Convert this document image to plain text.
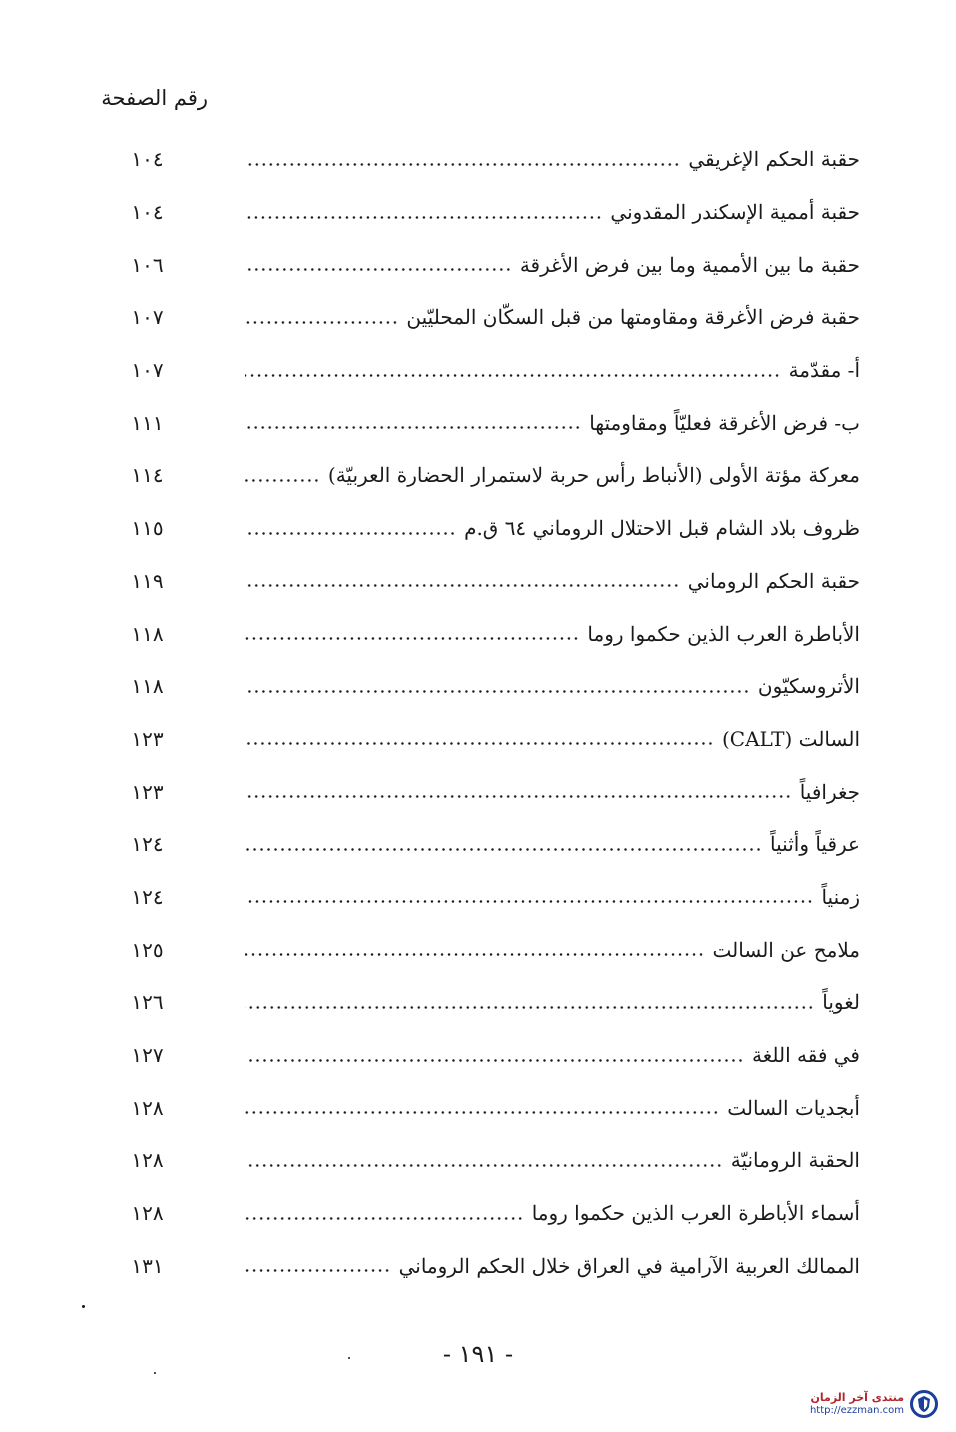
رقم الصفحة
١٠٤	حقبة الحكم الإغريقي
١٠٤	حقبة أممية الإسكندر المقدوني
١٠٦	حقبة ما بين الأممية وما بين فرض الأغرقة
١٠٧	حقبة فرض الأغرقة ومقاومتها من قبل السكّان المحليّين
١٠٧	أ- مقدّمة
١١١	ب- فرض الأغرقة فعليّاً ومقاومتها
١١٤	معركة مؤتة الأولى (الأنباط رأس حربة لاستمرار الحضارة العربيّة)
١١٥	ظروف بلاد الشام قبل الاحتلال الروماني ٦٤ ق.م
١١٩	حقبة الحكم الروماني
١١٨	الأباطرة العرب الذين حكموا روما
١١٨	الأتروسكيّون
١٢٣	السالت (CALT)
١٢٣	جغرافياً
١٢٤	عرقياً وأثنياً
١٢٤	زمنياً
١٢٥	ملامح عن السالت
١٢٦	لغوياً
١٢٧	في فقه اللغة
١٢٨	أبجديات السالت
١٢٨	الحقبة الرومانيّة
١٢٨	أسماء الأباطرة العرب الذين حكموا روما
١٣١	الممالك العربية الآرامية في العراق خلال الحكم الروماني
- ١٩١ -
منتدى آخر الزمان
http://ezzman.com
